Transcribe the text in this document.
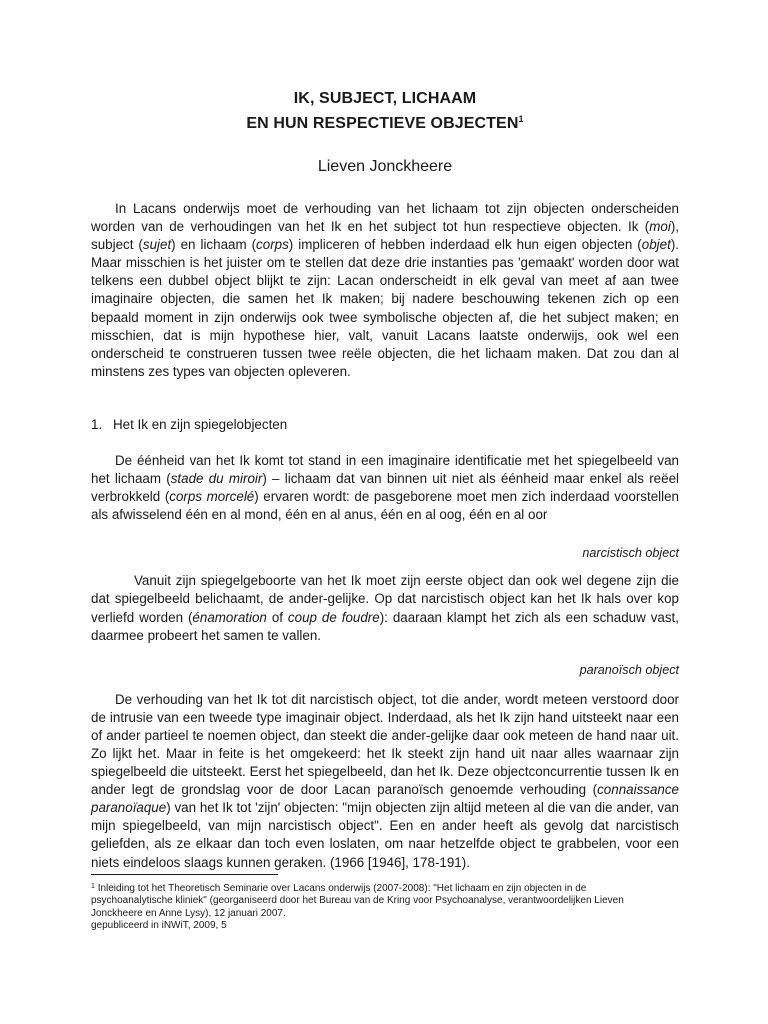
IK, SUBJECT, LICHAAM
EN HUN RESPECTIEVE OBJECTEN$^1$
Lieven Jonckheere

In Lacans onderwijs moet de verhouding van het lichaam tot zijn objecten onderscheiden worden van de verhoudingen van het Ik en het subject tot hun respectieve objecten. Ik (moi), subject (sujet) en lichaam (corps) impliceren of hebben inderdaad elk hun eigen objecten (objet). Maar misschien is het juister om te stellen dat deze drie instanties pas 'gemaakt' worden door wat telkens een dubbel object blijkt te zijn: Lacan onderscheidt in elk geval van meet af aan twee imaginaire objecten, die samen het Ik maken; bij nadere beschouwing tekenen zich op een bepaald moment in zijn onderwijs ook twee symbolische objecten af, die het subject maken; en misschien, dat is mijn hypothese hier, valt, vanuit Lacans laatste onderwijs, ook wel een onderscheid te construeren tussen twee reële objecten, die het lichaam maken. Dat zou dan al minstens zes types van objecten opleveren.

1. Het Ik en zijn spiegelobjecten

De éénheid van het Ik komt tot stand in een imaginaire identificatie met het spiegelbeeld van het lichaam (stade du miroir) – lichaam dat van binnen uit niet als éénheid maar enkel als reëel verbrokkeld (corps morcelé) ervaren wordt: de pasgeborene moet men zich inderdaad voorstellen als afwisselend één en al mond, één en al anus, één en al oog, één en al oor

narcistisch object

Vanuit zijn spiegelgeboorte van het Ik moet zijn eerste object dan ook wel degene zijn die dat spiegelbeeld belichaamt, de ander-gelijke. Op dat narcistisch object kan het Ik hals over kop verliefd worden (énamoration of coup de foudre): daaraan klampt het zich als een schaduw vast, daarmee probeert het samen te vallen.

paranoïsch object

De verhouding van het Ik tot dit narcistisch object, tot die ander, wordt meteen verstoord door de intrusie van een tweede type imaginair object. Inderdaad, als het Ik zijn hand uitsteekt naar een of ander partieel te noemen object, dan steekt die ander-gelijke daar ook meteen de hand naar uit. Zo lijkt het. Maar in feite is het omgekeerd: het Ik steekt zijn hand uit naar alles waarnaar zijn spiegelbeeld die uitsteekt. Eerst het spiegelbeeld, dan het Ik. Deze objectconcurrentie tussen Ik en ander legt de grondslag voor de door Lacan paranoïsch genoemde verhouding (connaissance paranoïaque) van het Ik tot 'zijn' objecten: "mijn objecten zijn altijd meteen al die van die ander, van mijn spiegelbeeld, van mijn narcistisch object". Een en ander heeft als gevolg dat narcistisch geliefden, als ze elkaar dan toch even loslaten, om naar hetzelfde object te grabbelen, voor een niets eindeloos slaags kunnen geraken. (1966 [1946], 178-191).

$^1$ Inleiding tot het Theoretisch Seminarie over Lacans onderwijs (2007-2008): "Het lichaam en zijn objecten in de psychoanalytische kliniek" (georganiseerd door het Bureau van de Kring voor Psychoanalyse, verantwoordelijken Lieven Jonckheere en Anne Lysy), 12 januari 2007.

gepubliceerd in iNWiT, 2009, 5
